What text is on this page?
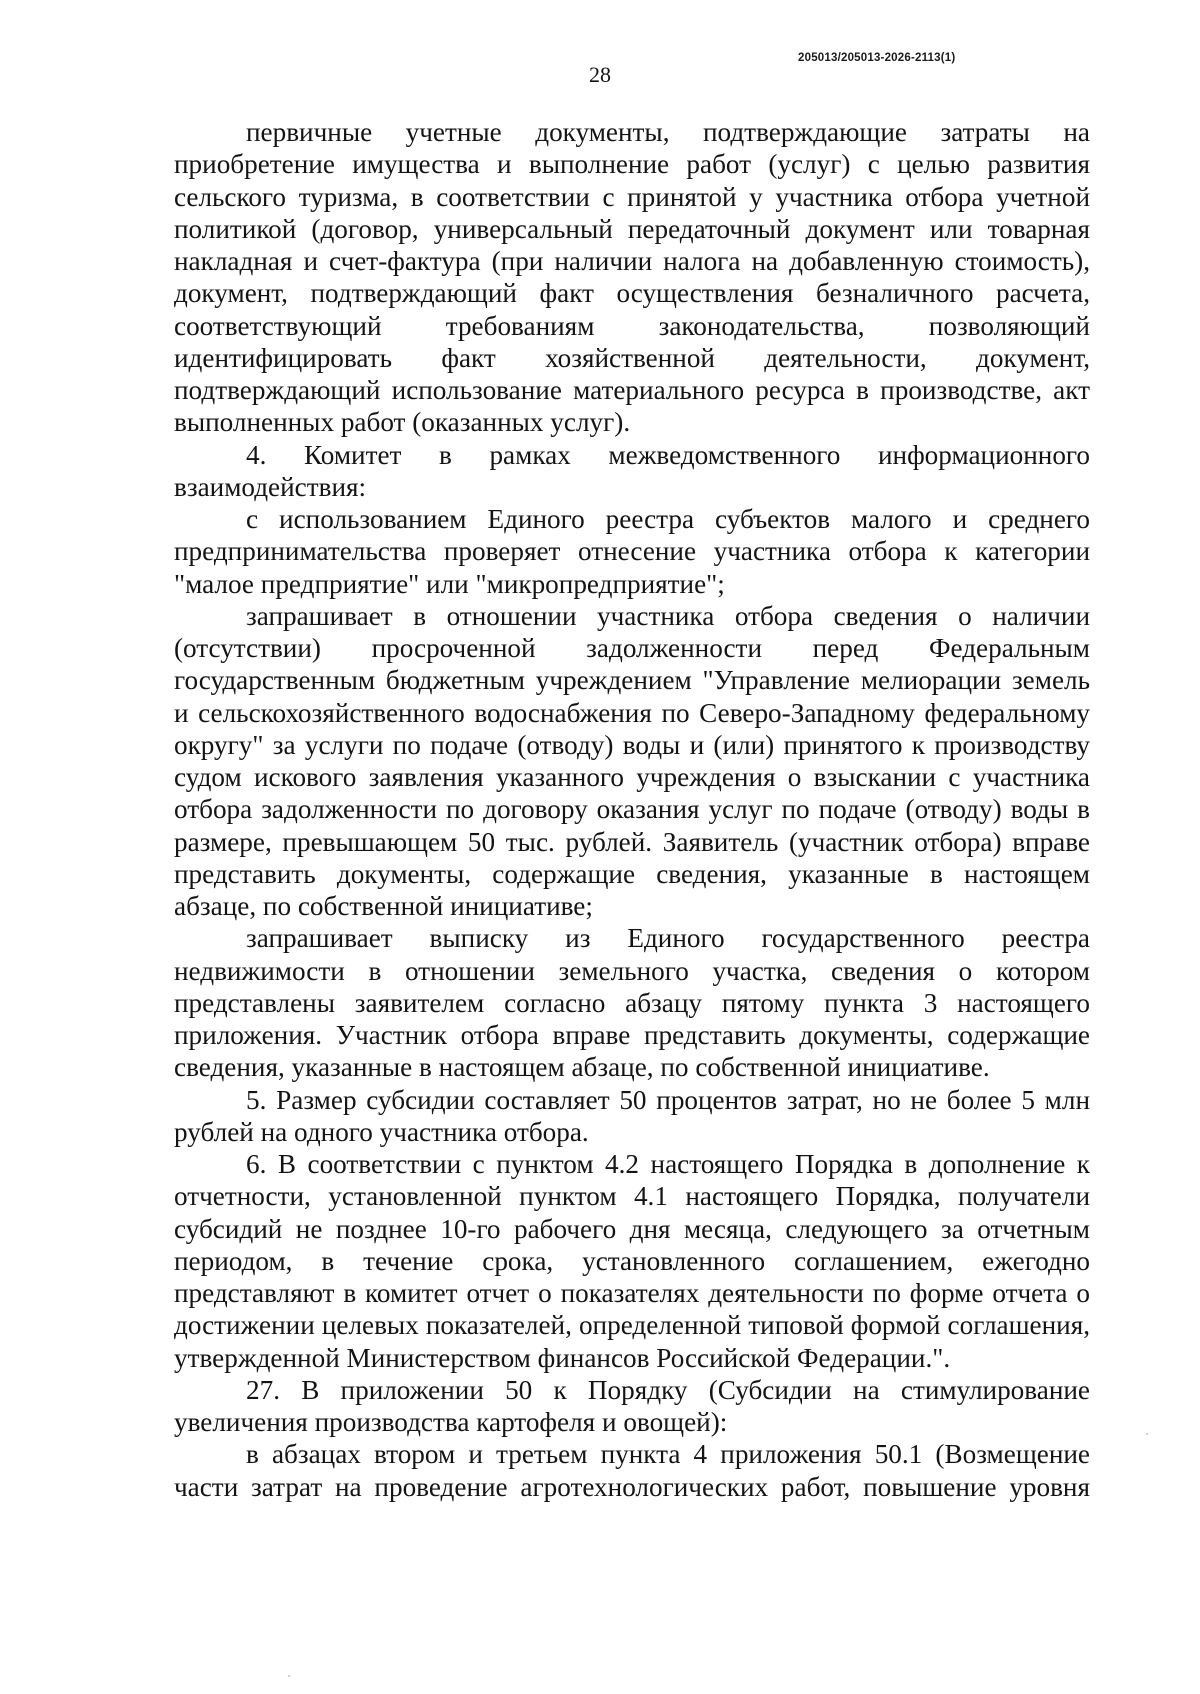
205013/205013-2026-2113(1)
28

первичные учетные документы, подтверждающие затраты на приобретение имущества и выполнение работ (услуг) с целью развития сельского туризма, в соответствии с принятой у участника отбора учетной политикой (договор, универсальный передаточный документ или товарная накладная и счет-фактура (при наличии налога на добавленную стоимость), документ, подтверждающий факт осуществления безналичного расчета, соответствующий требованиям законодательства, позволяющий идентифицировать факт хозяйственной деятельности, документ, подтверждающий использование материального ресурса в производстве, акт выполненных работ (оказанных услуг).

4. Комитет в рамках межведомственного информационного взаимодействия:

с использованием Единого реестра субъектов малого и среднего предпринимательства проверяет отнесение участника отбора к категории "малое предприятие" или "микропредприятие";

запрашивает в отношении участника отбора сведения о наличии (отсутствии) просроченной задолженности перед Федеральным государственным бюджетным учреждением "Управление мелиорации земель и сельскохозяйственного водоснабжения по Северо-Западному федеральному округу" за услуги по подаче (отводу) воды и (или) принятого к производству судом искового заявления указанного учреждения о взыскании с участника отбора задолженности по договору оказания услуг по подаче (отводу) воды в размере, превышающем 50 тыс. рублей. Заявитель (участник отбора) вправе представить документы, содержащие сведения, указанные в настоящем абзаце, по собственной инициативе;

запрашивает выписку из Единого государственного реестра недвижимости в отношении земельного участка, сведения о котором представлены заявителем согласно абзацу пятому пункта 3 настоящего приложения. Участник отбора вправе представить документы, содержащие сведения, указанные в настоящем абзаце, по собственной инициативе.

5. Размер субсидии составляет 50 процентов затрат, но не более 5 млн рублей на одного участника отбора.

6. В соответствии с пунктом 4.2 настоящего Порядка в дополнение к отчетности, установленной пунктом 4.1 настоящего Порядка, получатели субсидий не позднее 10-го рабочего дня месяца, следующего за отчетным периодом, в течение срока, установленного соглашением, ежегодно представляют в комитет отчет о показателях деятельности по форме отчета о достижении целевых показателей, определенной типовой формой соглашения, утвержденной Министерством финансов Российской Федерации.".

27. В приложении 50 к Порядку (Субсидии на стимулирование увеличения производства картофеля и овощей):

в абзацах втором и третьем пункта 4 приложения 50.1 (Возмещение части затрат на проведение агротехнологических работ, повышение уровня
